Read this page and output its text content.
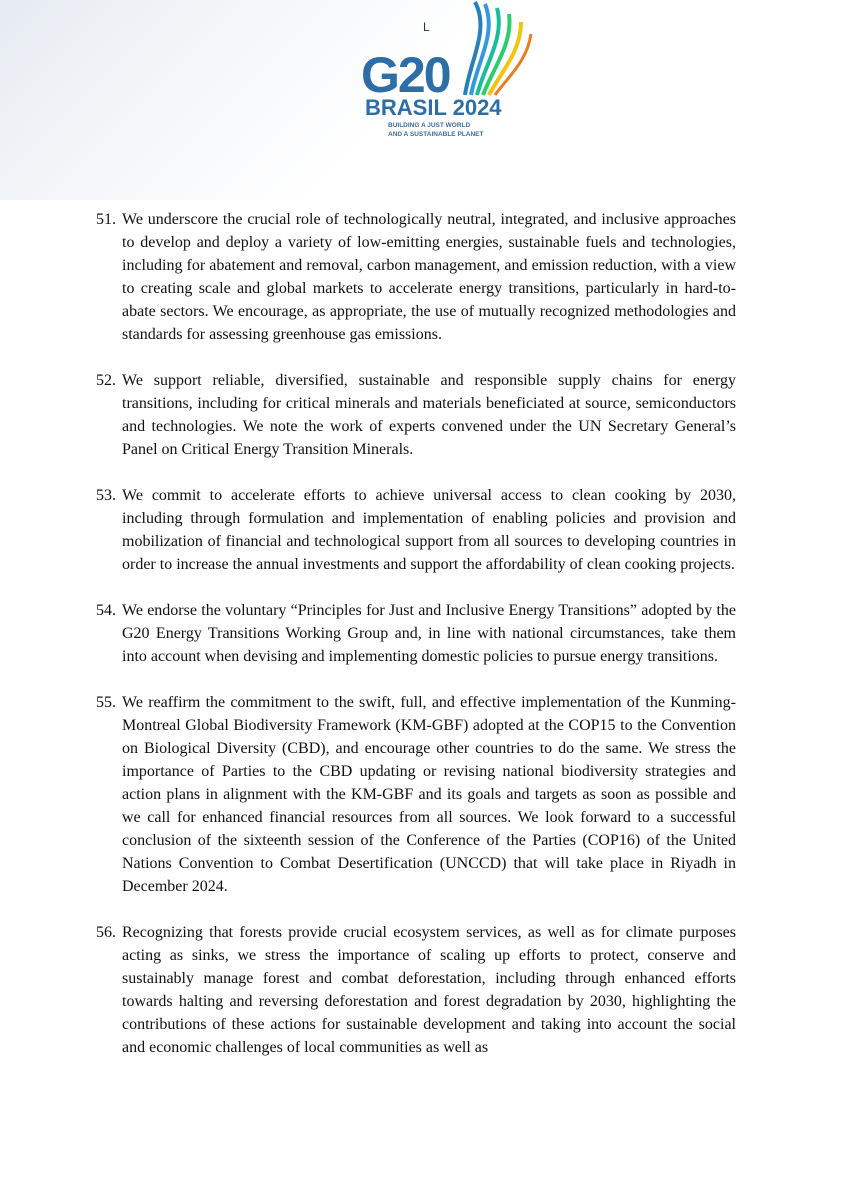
L
G20
BRASIL 2024
BUILDING A JUST WORLD
AND A SUSTAINABLE PLANET
51. We underscore the crucial role of technologically neutral, integrated, and inclusive approaches to develop and deploy a variety of low-emitting energies, sustainable fuels and technologies, including for abatement and removal, carbon management, and emission reduction, with a view to creating scale and global markets to accelerate energy transitions, particularly in hard-to-abate sectors. We encourage, as appropriate, the use of mutually recognized methodologies and standards for assessing greenhouse gas emissions.
52. We support reliable, diversified, sustainable and responsible supply chains for energy transitions, including for critical minerals and materials beneficiated at source, semiconductors and technologies. We note the work of experts convened under the UN Secretary General’s Panel on Critical Energy Transition Minerals.
53. We commit to accelerate efforts to achieve universal access to clean cooking by 2030, including through formulation and implementation of enabling policies and provision and mobilization of financial and technological support from all sources to developing countries in order to increase the annual investments and support the affordability of clean cooking projects.
54. We endorse the voluntary “Principles for Just and Inclusive Energy Transitions” adopted by the G20 Energy Transitions Working Group and, in line with national circumstances, take them into account when devising and implementing domestic policies to pursue energy transitions.
55. We reaffirm the commitment to the swift, full, and effective implementation of the Kunming-Montreal Global Biodiversity Framework (KM-GBF) adopted at the COP15 to the Convention on Biological Diversity (CBD), and encourage other countries to do the same. We stress the importance of Parties to the CBD updating or revising national biodiversity strategies and action plans in alignment with the KM-GBF and its goals and targets as soon as possible and we call for enhanced financial resources from all sources. We look forward to a successful conclusion of the sixteenth session of the Conference of the Parties (COP16) of the United Nations Convention to Combat Desertification (UNCCD) that will take place in Riyadh in December 2024.
56. Recognizing that forests provide crucial ecosystem services, as well as for climate purposes acting as sinks, we stress the importance of scaling up efforts to protect, conserve and sustainably manage forest and combat deforestation, including through enhanced efforts towards halting and reversing deforestation and forest degradation by 2030, highlighting the contributions of these actions for sustainable development and taking into account the social and economic challenges of local communities as well as
